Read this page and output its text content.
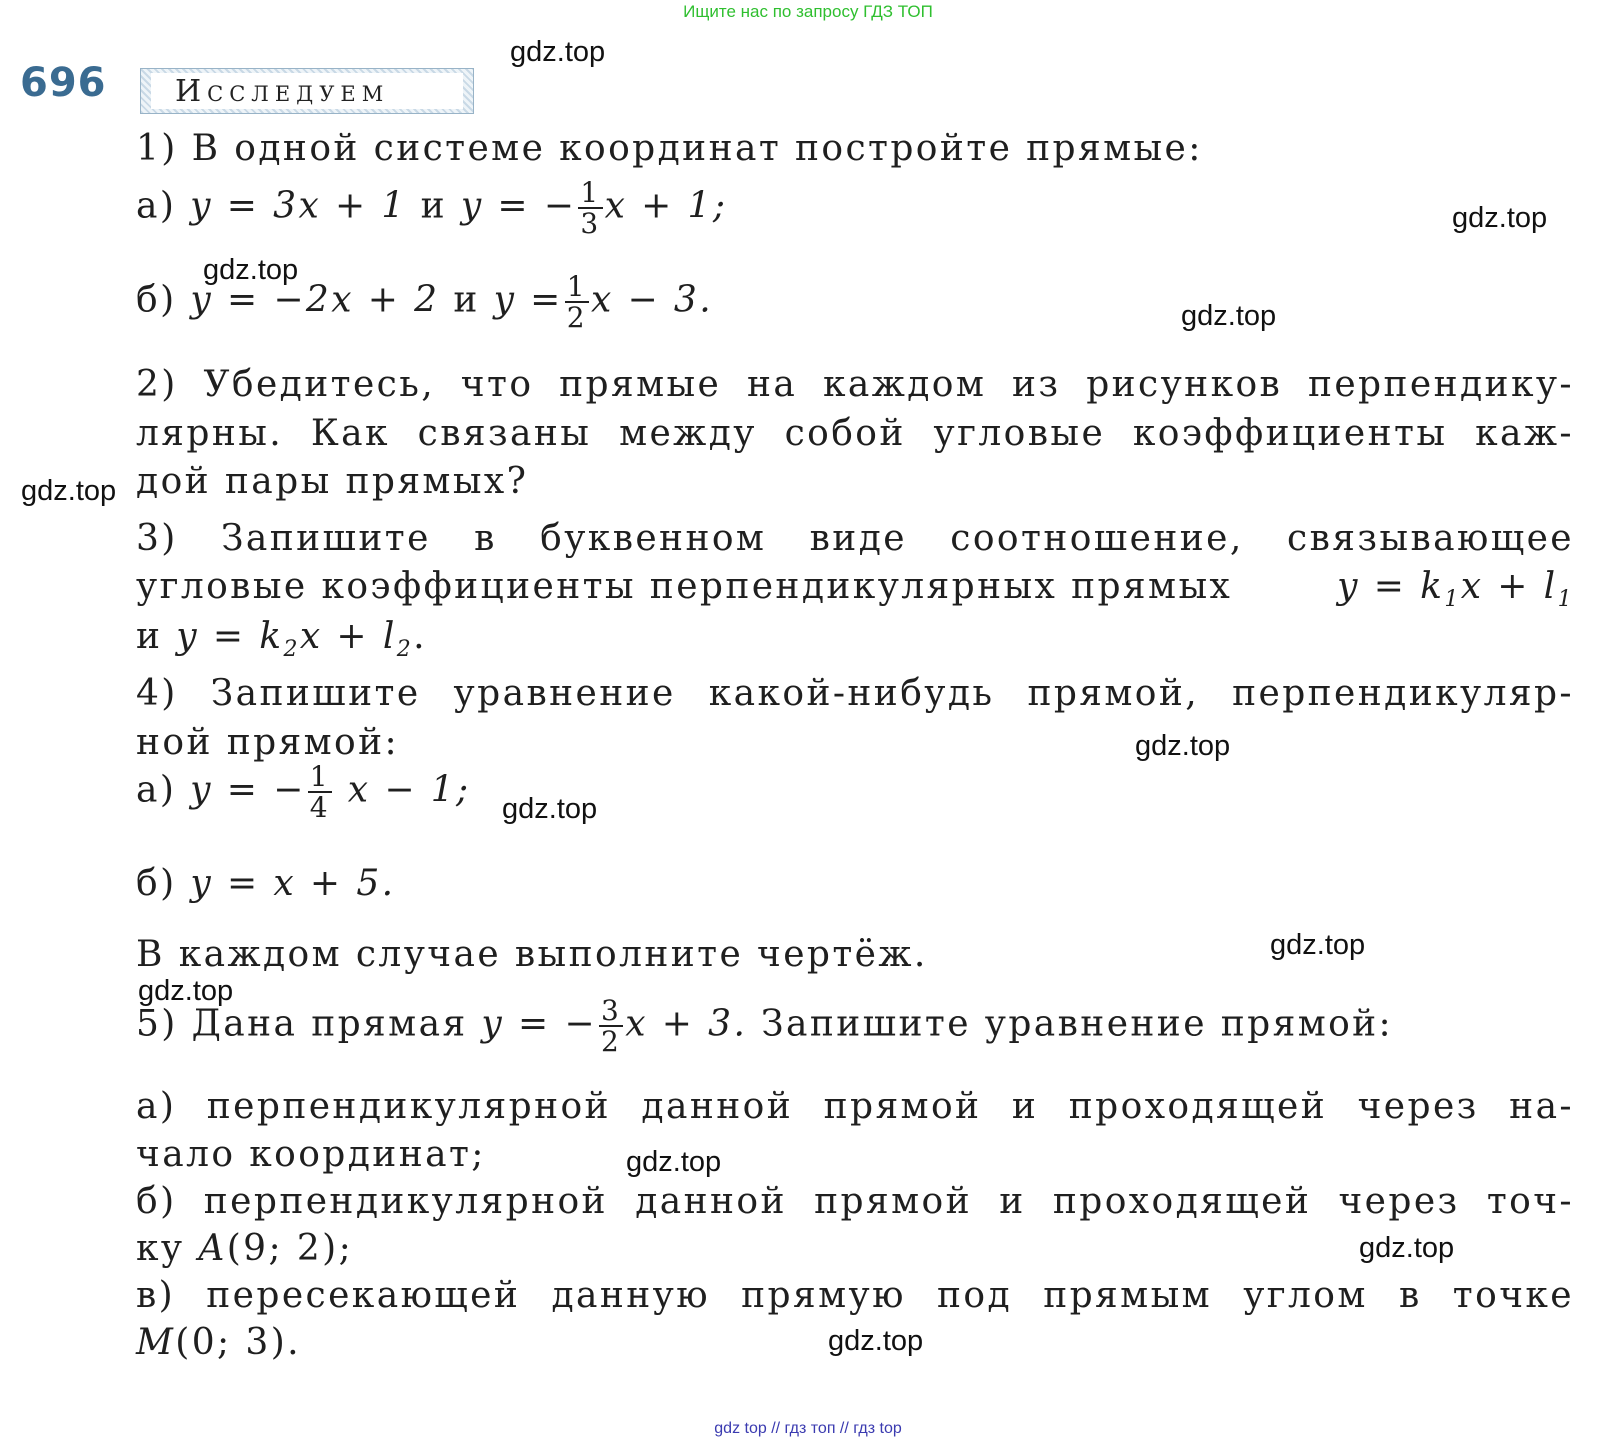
Ищите нас по запросу ГДЗ ТОП
gdz.top
gdz.top
gdz.top
gdz.top
gdz.top
gdz.top
gdz.top
gdz.top
gdz.top
gdz.top
gdz.top
gdz.top
696	Исследуем
1) В одной системе координат постройте прямые:
а) y = 3x + 1 и y = − $\frac{1}{3}$ x + 1;
б) y = −2x + 2 и $y = \frac{1}{2}$ x − 3.
2) Убедитесь, что прямые на каждом из рисунков перпендику-
лярны. Как связаны между собой угловые коэффициенты каж-
дой пары прямых?
3) Запишите в буквенном виде соотношение, связывающее
угловые коэффициенты перпендикулярных прямых	$y = k_1x + l_1$
и $y = k_2x + l_2$.
4) Запишите уравнение какой-нибудь прямой, перпендикуляр-
ной прямой:
а) y = − $\frac{1}{4}$ x − 1;
б) y = x + 5.
В каждом случае выполните чертёж.
5) Дана прямая y = − $\frac{3}{2}$ x + 3. Запишите уравнение прямой:
а) перпендикулярной данной прямой и проходящей через на-
чало координат;
б) перпендикулярной данной прямой и проходящей через точ-
ку A(9; 2);
в) пересекающей данную прямую под прямым углом в точке
M(0; 3).
gdz top // гдз топ // гдз top
